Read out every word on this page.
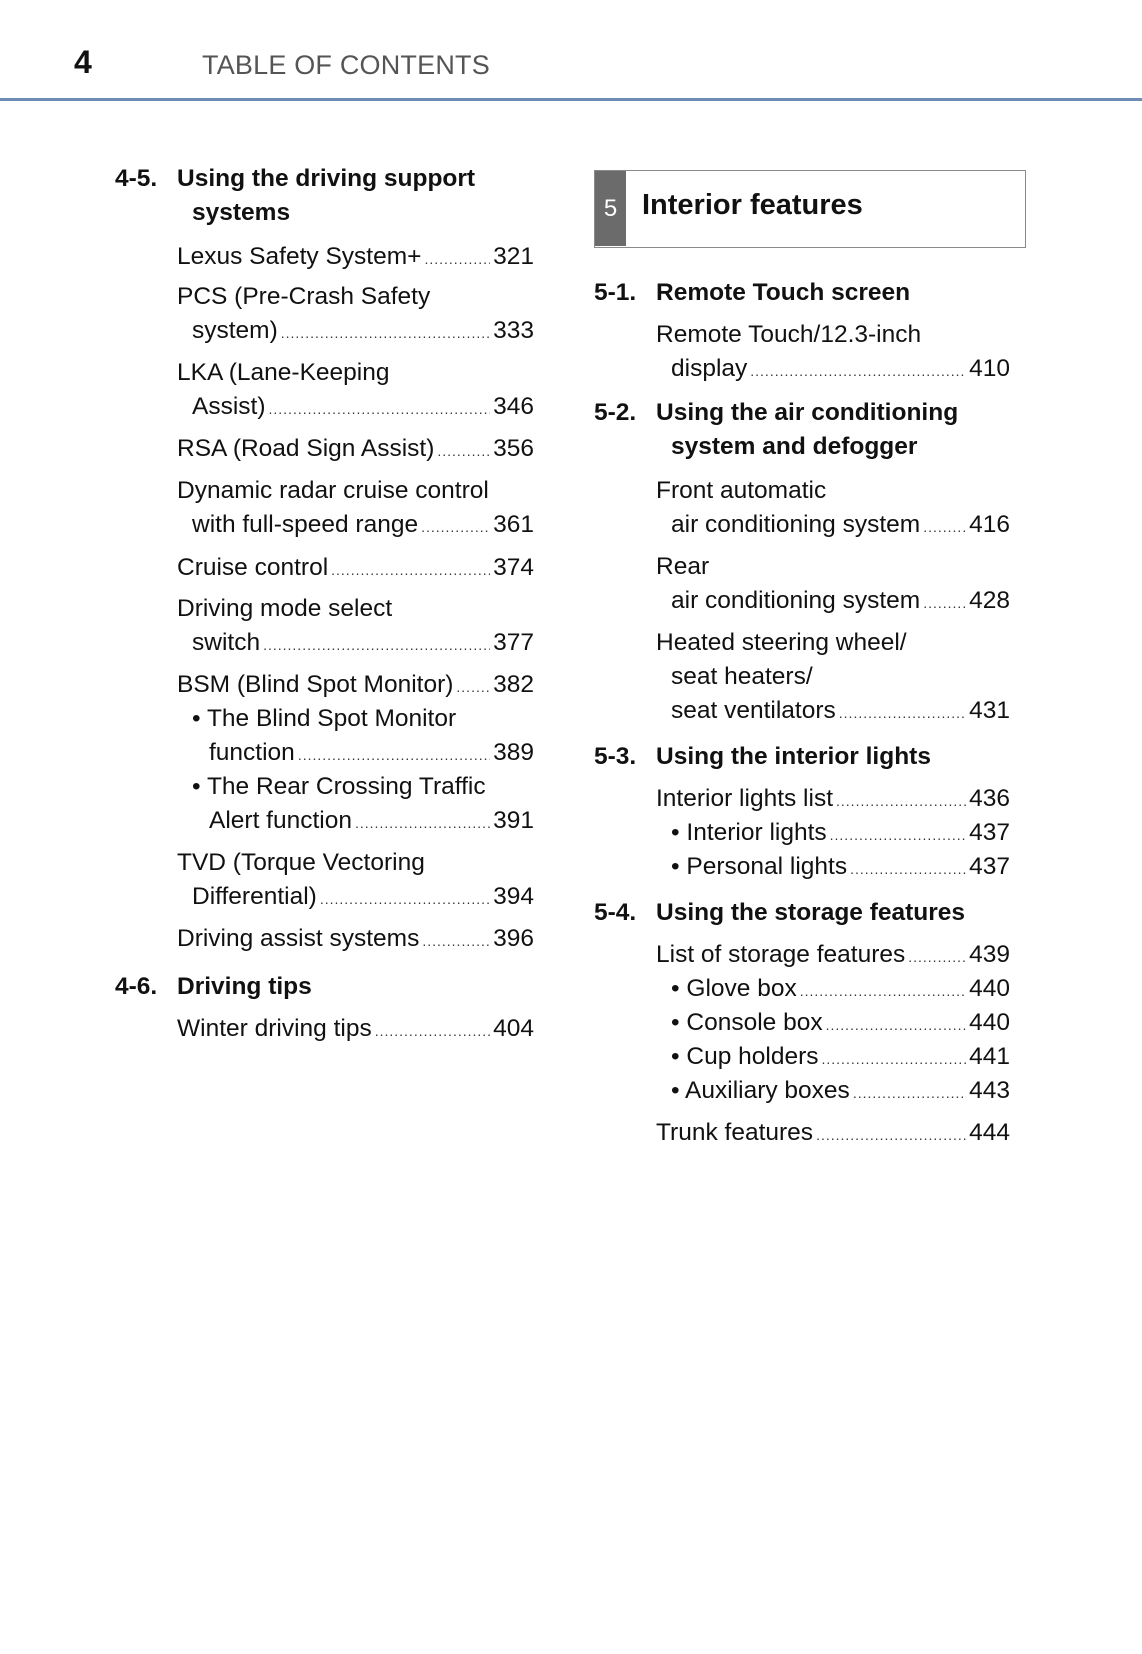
4	TABLE OF CONTENTS
4-5. Using the driving support
systems
Lexus Safety System+ .....	321
PCS (Pre-Crash Safety
system) .....	333
LKA (Lane-Keeping
Assist) .....	346
RSA (Road Sign Assist) ..... 356
Dynamic radar cruise control
with full-speed range .....	361
Cruise control .....	374
Driving mode select
switch .....	377
BSM (Blind Spot Monitor) ..... 382
• The Blind Spot Monitor
function .....	389
• The Rear Crossing Traffic
Alert function .....	391
TVD (Torque Vectoring
Differential) .....	394
Driving assist systems .....	396
4-6. Driving tips
Winter driving tips .....	404
5 Interior features
5-1. Remote Touch screen
Remote Touch/12.3-inch
display .....	410
5-2. Using the air conditioning
system and defogger
Front automatic
air conditioning system ..... 416
Rear
air conditioning system ..... 428
Heated steering wheel/
seat heaters/
seat ventilators .....	431
5-3. Using the interior lights
Interior lights list .....	436
• Interior lights .....	437
• Personal lights .....	437
5-4. Using the storage features
List of storage features .....	439
• Glove box .....	440
• Console box .....	440
• Cup holders .....	441
• Auxiliary boxes .....	443
Trunk features .....	444
